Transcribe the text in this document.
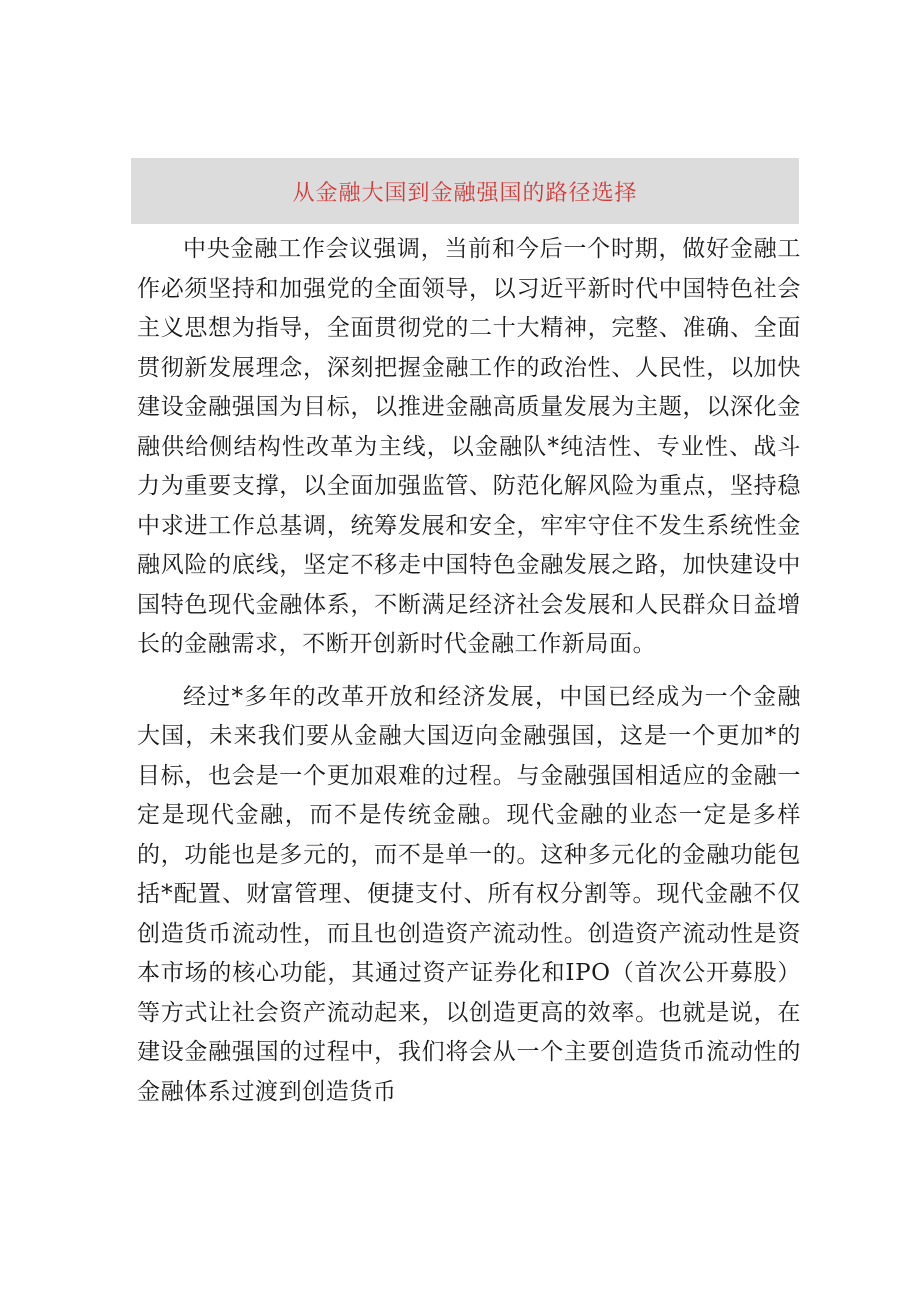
从金融大国到金融强国的路径选择

中央金融工作会议强调，当前和今后一个时期，做好金融工作必须坚持和加强党的全面领导，以习近平新时代中国特色社会主义思想为指导，全面贯彻党的二十大精神，完整、准确、全面贯彻新发展理念，深刻把握金融工作的政治性、人民性，以加快建设金融强国为目标，以推进金融高质量发展为主题，以深化金融供给侧结构性改革为主线，以金融队*纯洁性、专业性、战斗力为重要支撑，以全面加强监管、防范化解风险为重点，坚持稳中求进工作总基调，统筹发展和安全，牢牢守住不发生系统性金融风险的底线，坚定不移走中国特色金融发展之路，加快建设中国特色现代金融体系，不断满足经济社会发展和人民群众日益增长的金融需求，不断开创新时代金融工作新局面。

经过*多年的改革开放和经济发展，中国已经成为一个金融大国，未来我们要从金融大国迈向金融强国，这是一个更加*的目标，也会是一个更加艰难的过程。与金融强国相适应的金融一定是现代金融，而不是传统金融。现代金融的业态一定是多样的，功能也是多元的，而不是单一的。这种多元化的金融功能包括*配置、财富管理、便捷支付、所有权分割等。现代金融不仅创造货币流动性，而且也创造资产流动性。创造资产流动性是资本市场的核心功能，其通过资产证券化和IPO（首次公开募股）等方式让社会资产流动起来，以创造更高的效率。也就是说，在建设金融强国的过程中，我们将会从一个主要创造货币流动性的金融体系过渡到创造货币
